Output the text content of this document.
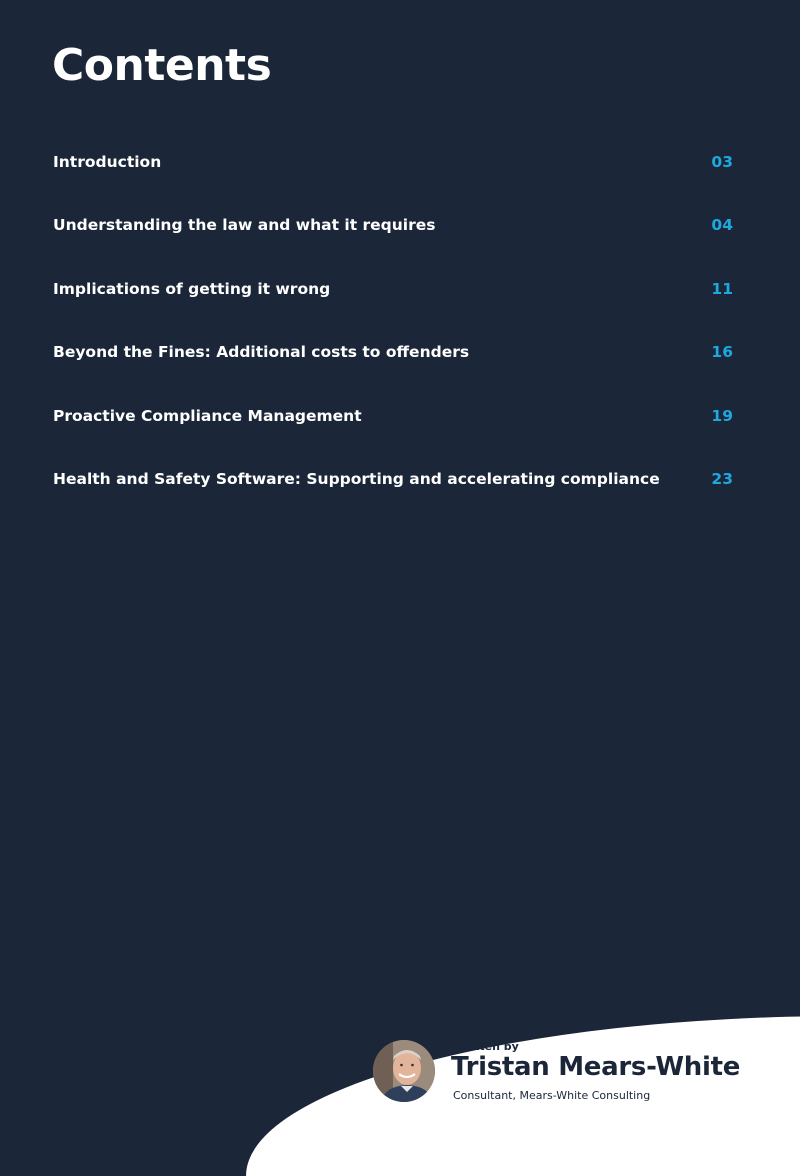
Contents
Introduction	03
Understanding the law and what it requires	04
Implications of getting it wrong	11
Beyond the Fines: Additional costs to offenders	16
Proactive Compliance Management	19
Health and Safety Software: Supporting and accelerating compliance	23
Written by
Tristan Mears-White
Consultant, Mears-White Consulting
